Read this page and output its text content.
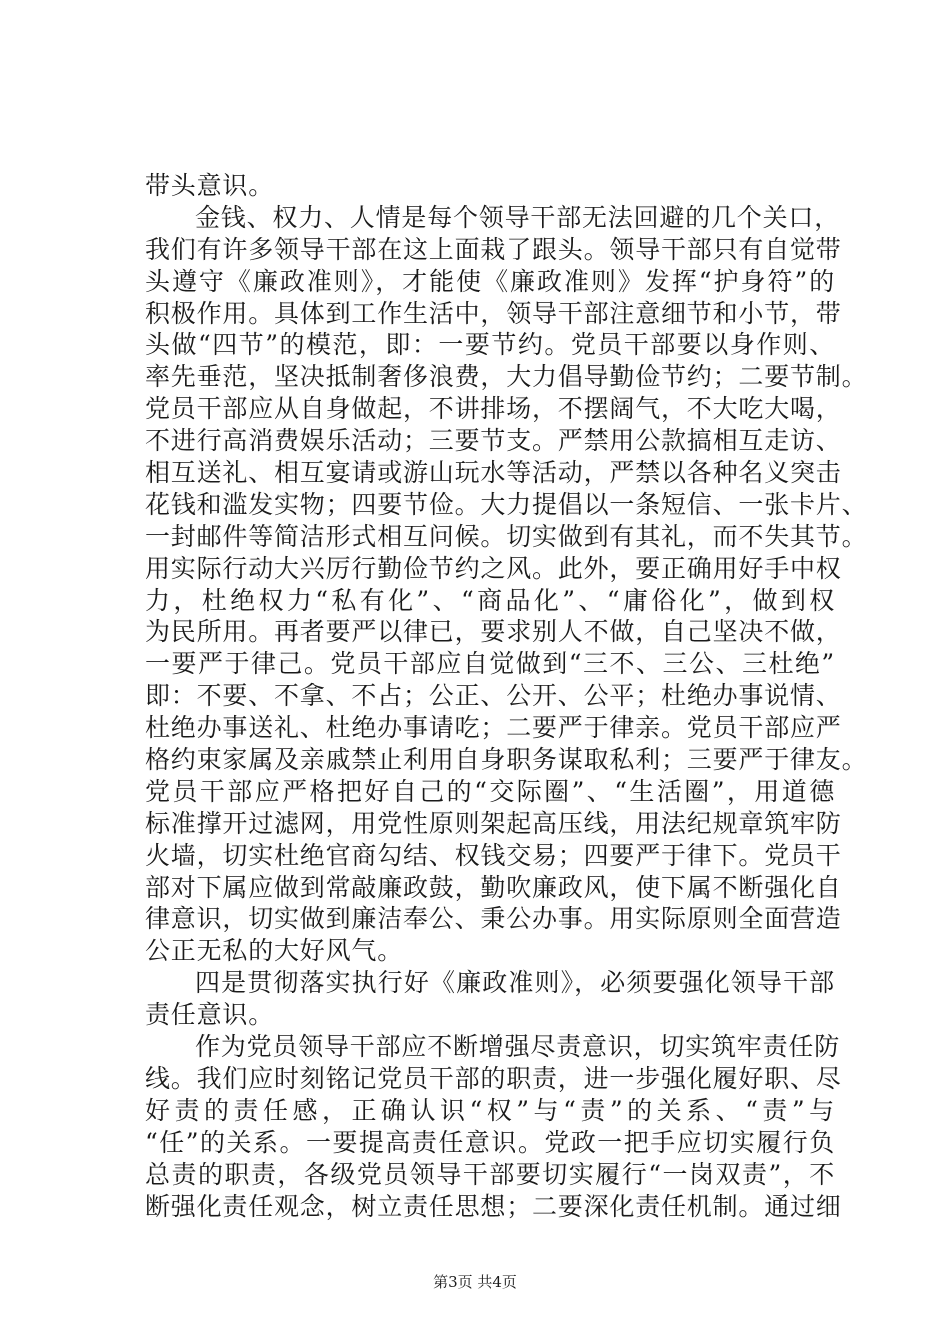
带头意识。
金钱、权力、人情是每个领导干部无法回避的几个关口，
我们有许多领导干部在这上面栽了跟头。领导干部只有自觉带
头遵守《廉政准则》，才能使《廉政准则》发挥“护身符”的
积极作用。具体到工作生活中，领导干部注意细节和小节，带
头做“四节”的模范，即：一要节约。党员干部要以身作则、
率先垂范，坚决抵制奢侈浪费，大力倡导勤俭节约；二要节制。
党员干部应从自身做起，不讲排场，不摆阔气，不大吃大喝，
不进行高消费娱乐活动；三要节支。严禁用公款搞相互走访、
相互送礼、相互宴请或游山玩水等活动，严禁以各种名义突击
花钱和滥发实物；四要节俭。大力提倡以一条短信、一张卡片、
一封邮件等简洁形式相互问候。切实做到有其礼，而不失其节。
用实际行动大兴厉行勤俭节约之风。此外，要正确用好手中权
力，杜绝权力“私有化”、“商品化”、“庸俗化”，做到权
为民所用。再者要严以律已，要求别人不做，自己坚决不做，
一要严于律己。党员干部应自觉做到“三不、三公、三杜绝”
即：不要、不拿、不占；公正、公开、公平；杜绝办事说情、
杜绝办事送礼、杜绝办事请吃；二要严于律亲。党员干部应严
格约束家属及亲戚禁止利用自身职务谋取私利；三要严于律友。
党员干部应严格把好自己的“交际圈”、“生活圈”，用道德
标准撑开过滤网，用党性原则架起高压线，用法纪规章筑牢防
火墙，切实杜绝官商勾结、权钱交易；四要严于律下。党员干
部对下属应做到常敲廉政鼓，勤吹廉政风，使下属不断强化自
律意识，切实做到廉洁奉公、秉公办事。用实际原则全面营造
公正无私的大好风气。
四是贯彻落实执行好《廉政准则》，必须要强化领导干部
责任意识。
作为党员领导干部应不断增强尽责意识，切实筑牢责任防
线。我们应时刻铭记党员干部的职责，进一步强化履好职、尽
好责的责任感，正确认识“权”与“责”的关系、“责”与
“任”的关系。一要提高责任意识。党政一把手应切实履行负
总责的职责，各级党员领导干部要切实履行“一岗双责”，不
断强化责任观念，树立责任思想；二要深化责任机制。通过细
第3页 共4页
